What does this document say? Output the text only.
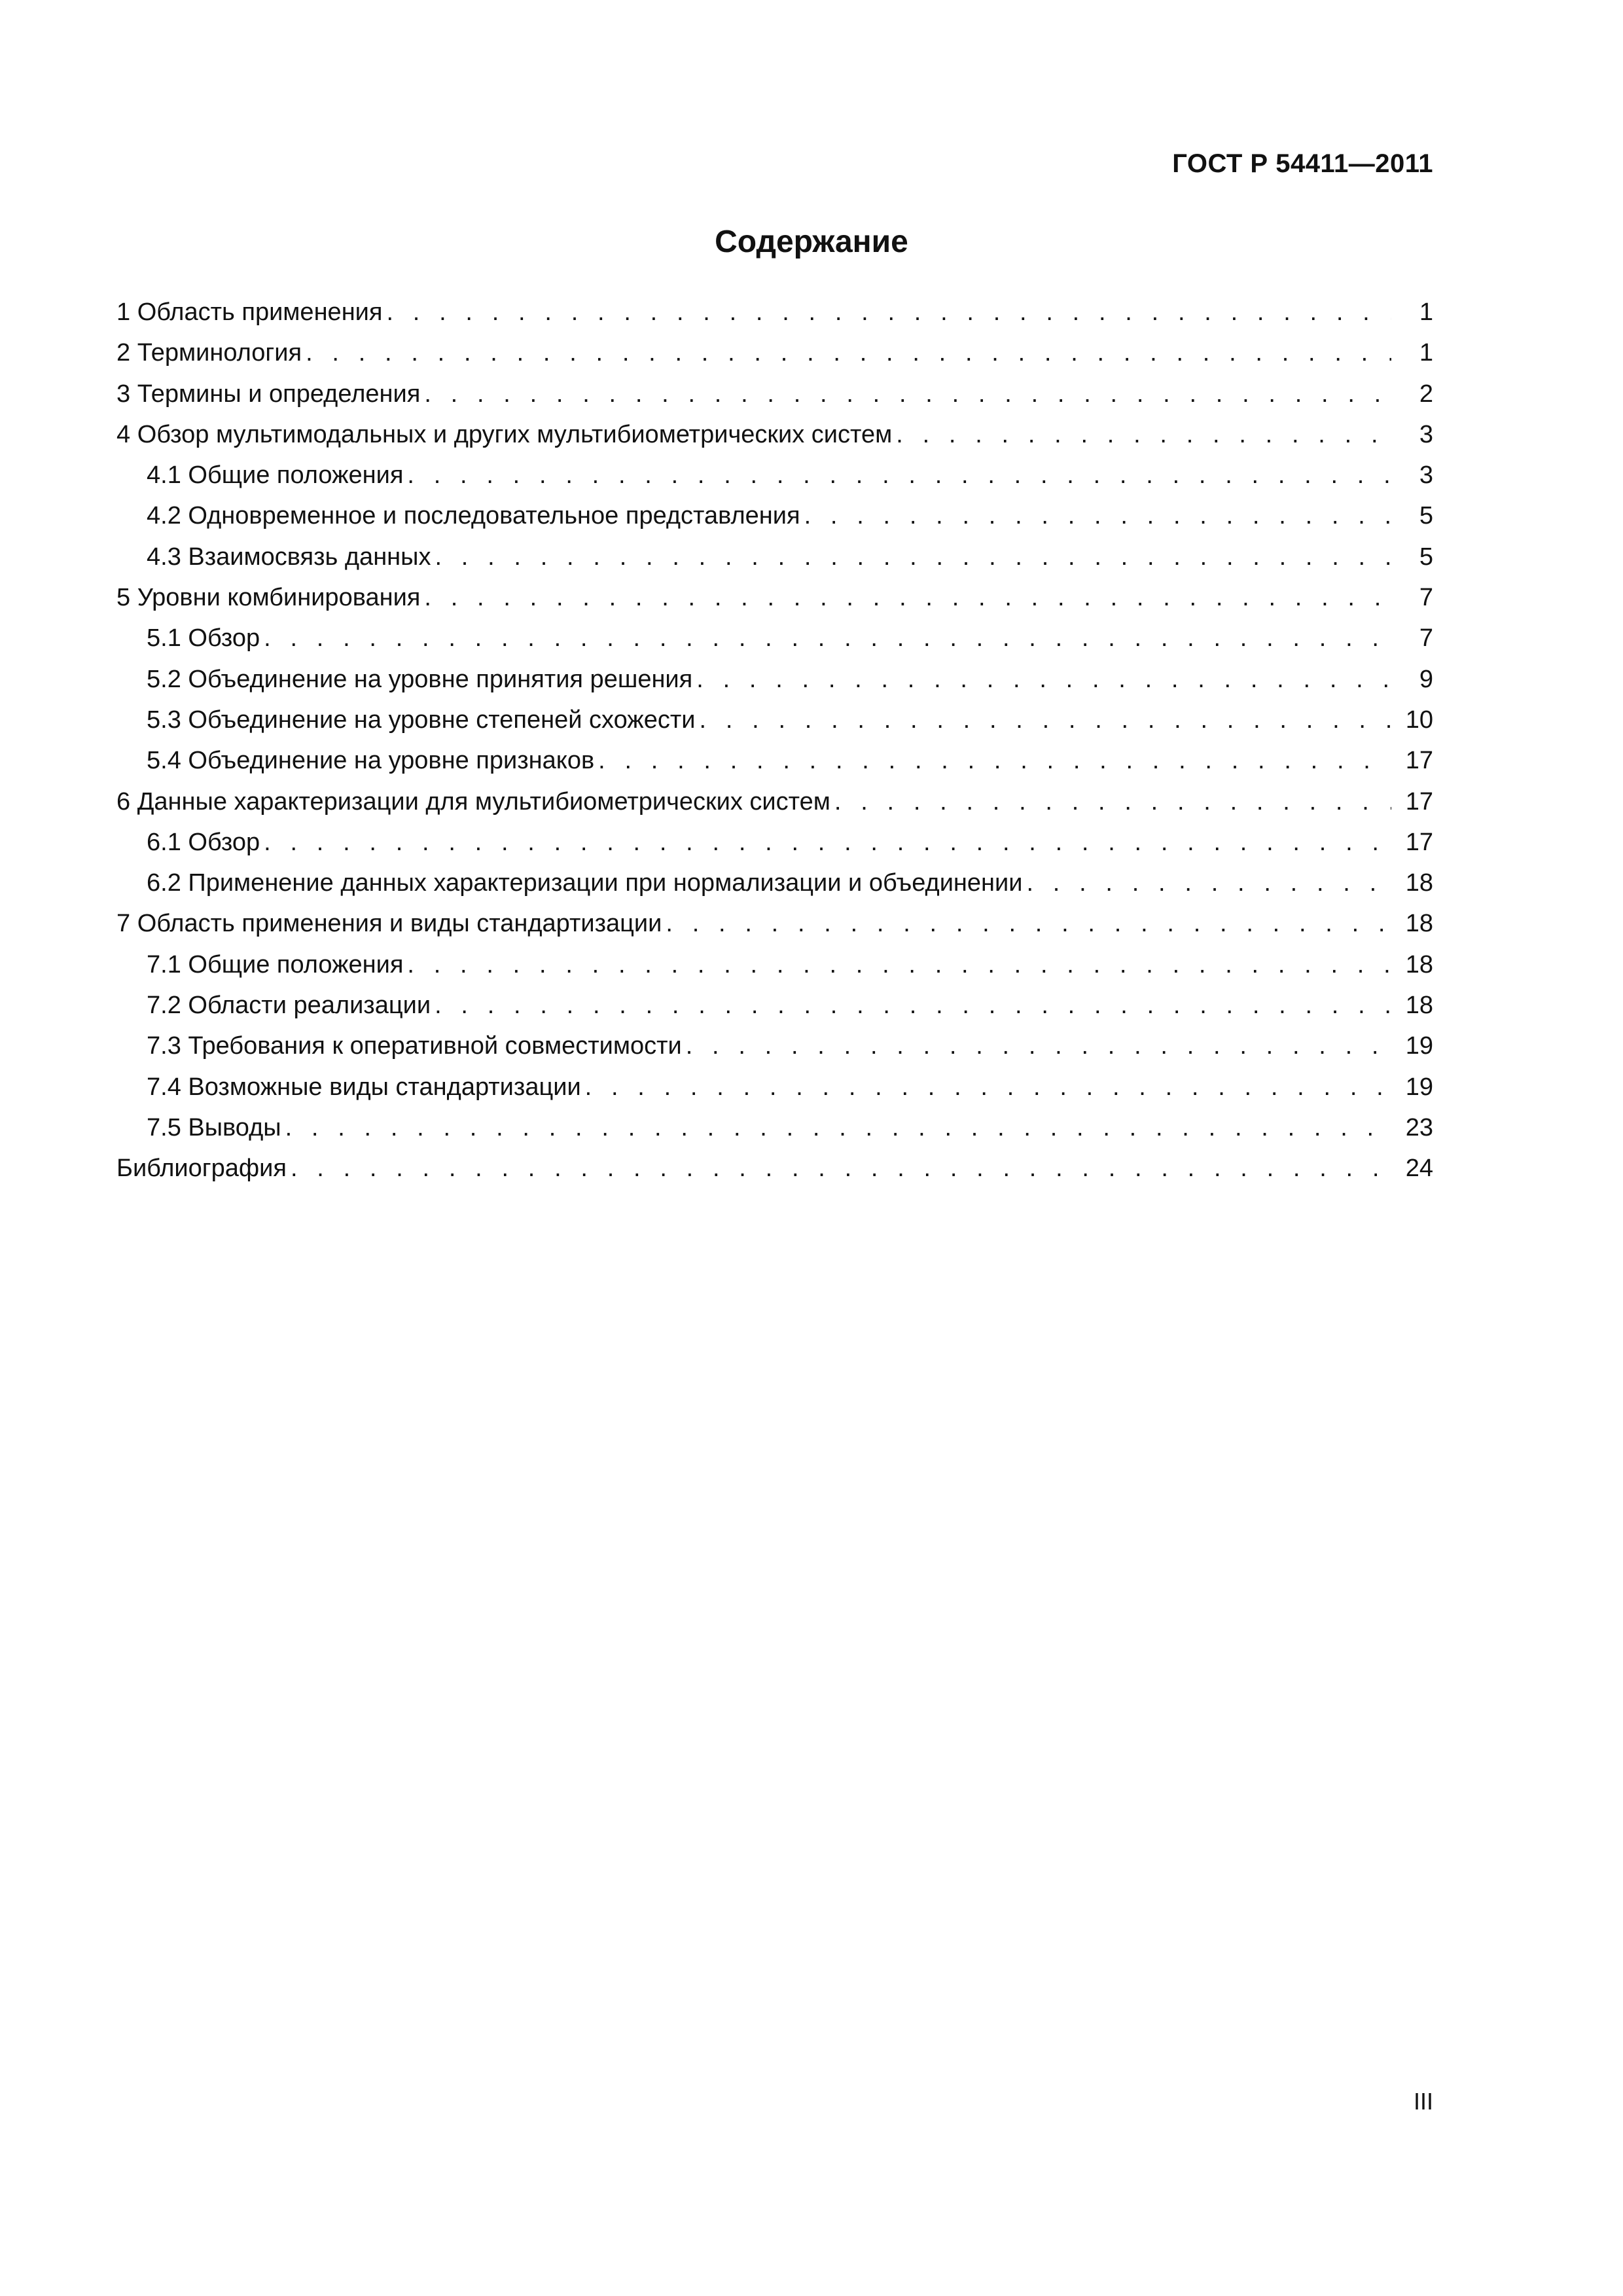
ГОСТ Р 54411—2011
Содержание
1 Область применения . . .	1
2 Терминология . . .	1
3 Термины и определения . . .	2
4 Обзор мультимодальных и других мультибиометрических систем . . .	3
4.1 Общие положения . . .	3
4.2 Одновременное и последовательное представления . . .	5
4.3 Взаимосвязь данных . . .	5
5 Уровни комбинирования . . .	7
5.1 Обзор . . .	7
5.2 Объединение на уровне принятия решения . . .	9
5.3 Объединение на уровне степеней схожести . . .	10
5.4 Объединение на уровне признаков . . .	17
6 Данные характеризации для мультибиометрических систем . . .	17
6.1 Обзор . . .	17
6.2 Применение данных характеризации при нормализации и объединении . . .	18
7 Область применения и виды стандартизации . . .	18
7.1 Общие положения . . .	18
7.2 Области реализации . . .	18
7.3 Требования к оперативной совместимости . . .	19
7.4 Возможные виды стандартизации . . .	19
7.5 Выводы . . .	23
Библиография . . .	24
III
